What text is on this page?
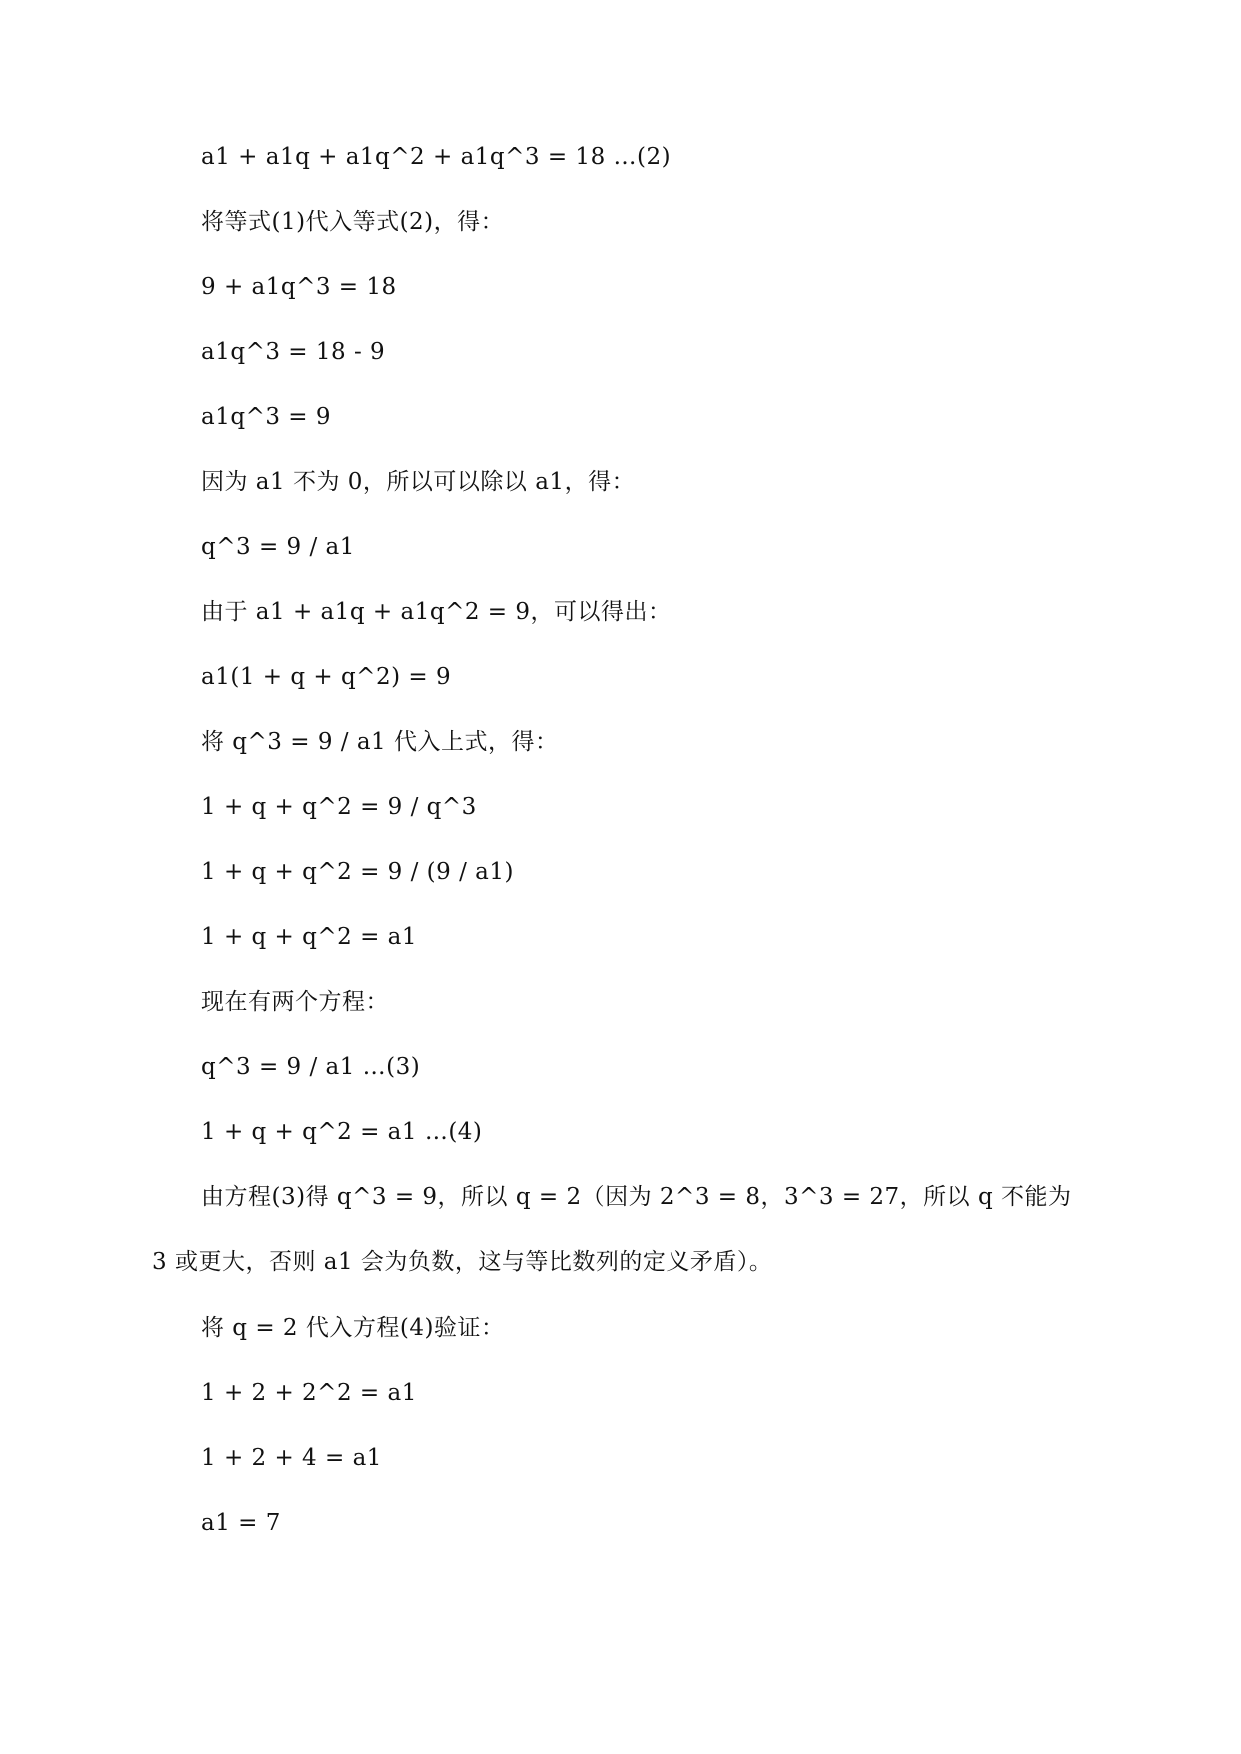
a1 + a1q + a1q^2 + a1q^3 = 18 …(2)
将等式(1)代入等式(2)，得：
9 + a1q^3 = 18
a1q^3 = 18 - 9
a1q^3 = 9
因为 a1 不为 0，所以可以除以 a1，得：
q^3 = 9 / a1
由于 a1 + a1q + a1q^2 = 9，可以得出：
a1(1 + q + q^2) = 9
将 q^3 = 9 / a1 代入上式，得：
1 + q + q^2 = 9 / q^3
1 + q + q^2 = 9 / (9 / a1)
1 + q + q^2 = a1
现在有两个方程：
q^3 = 9 / a1 …(3)
1 + q + q^2 = a1 …(4)

由方程(3)得 q^3 = 9，所以 q = 2（因为 2^3 = 8，3^3 = 27，所以 q 不能为 3 或更大，否则 a1 会为负数，这与等比数列的定义矛盾）。

将 q = 2 代入方程(4)验证：
1 + 2 + 2^2 = a1
1 + 2 + 4 = a1
a1 = 7
